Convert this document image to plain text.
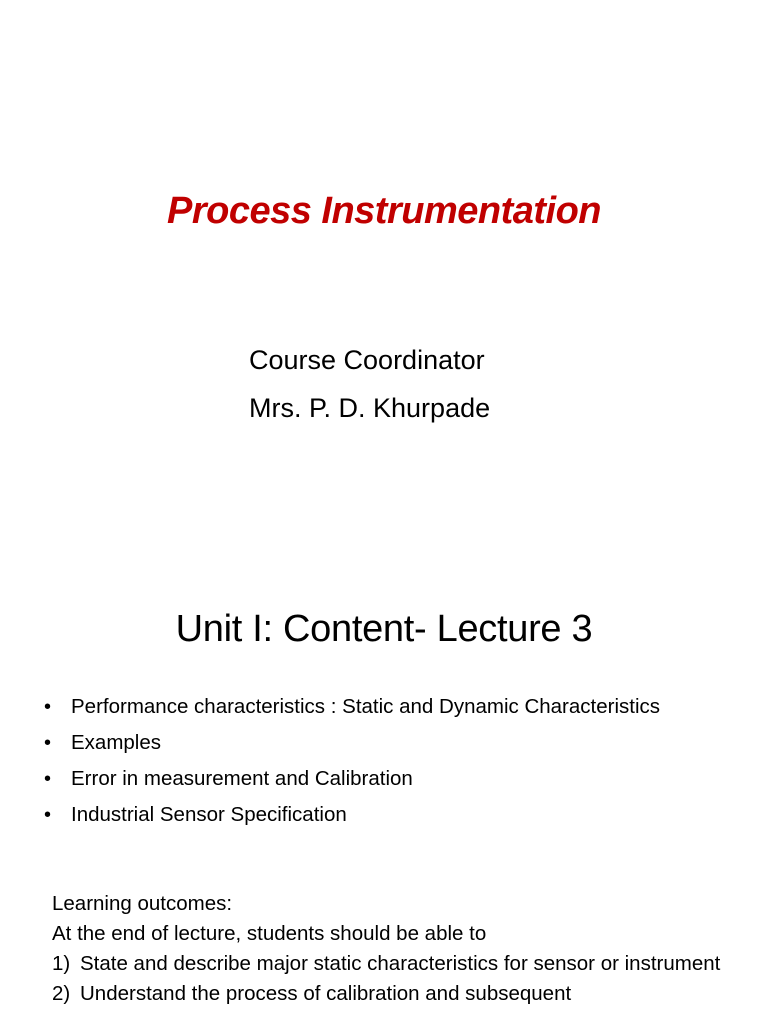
Process Instrumentation
Course Coordinator
Mrs. P. D. Khurpade
Unit I: Content- Lecture 3
• Performance characteristics : Static and Dynamic Characteristics
• Examples
• Error in measurement and Calibration
• Industrial Sensor Specification
Learning outcomes:
At the end of lecture, students should be able to
1) State and describe major static characteristics for sensor or instrument
2) Understand the process of calibration and subsequent
